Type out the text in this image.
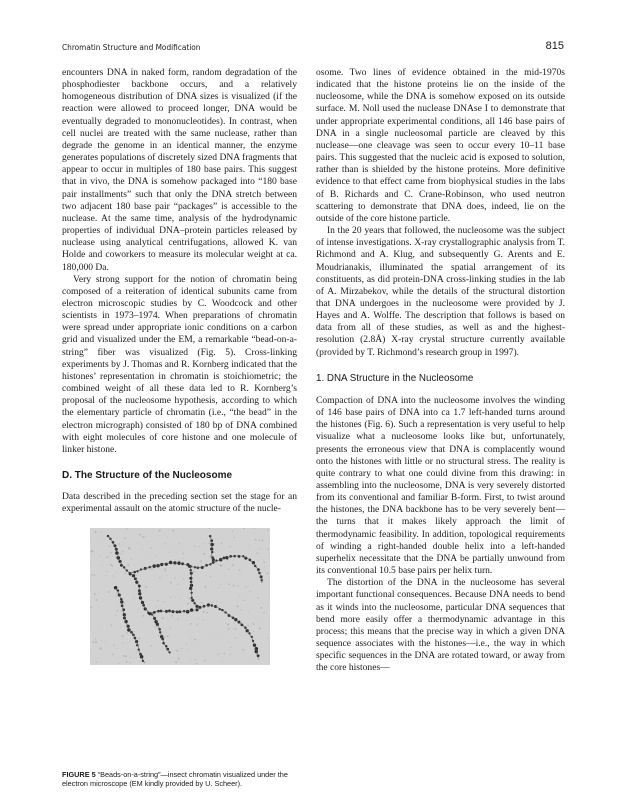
Chromatin Structure and Modification	815

encounters DNA in naked form, random degradation of the phosphodiester backbone occurs, and a relatively homogeneous distribution of DNA sizes is visualized (if the reaction were allowed to proceed longer, DNA would be eventually degraded to mononucleotides). In contrast, when cell nuclei are treated with the same nuclease, rather than degrade the genome in an identical manner, the enzyme generates populations of discretely sized DNA fragments that appear to occur in multiples of 180 base pairs. This suggest that in vivo, the DNA is somehow packaged into “180 base pair installments” such that only the DNA stretch between two adjacent 180 base pair “packages” is accessible to the nuclease. At the same time, analysis of the hydrodynamic properties of individual DNA–protein particles released by nuclease using analytical centrifugations, allowed K. van Holde and coworkers to measure its molecular weight at ca. 180,000 Da.

Very strong support for the notion of chromatin being composed of a reiteration of identical subunits came from electron microscopic studies by C. Woodcock and other scientists in 1973–1974. When preparations of chromatin were spread under appropriate ionic conditions on a carbon grid and visualized under the EM, a remarkable “bead-on-a-string” fiber was visualized (Fig. 5). Cross-linking experiments by J. Thomas and R. Kornberg indicated that the histones’ representation in chromatin is stoichiometric; the combined weight of all these data led to R. Kornberg’s proposal of the nucleosome hypothesis, according to which the elementary particle of chromatin (i.e., “the bead” in the electron micrograph) consisted of 180 bp of DNA combined with eight molecules of core histone and one molecule of linker histone.

D. The Structure of the Nucleosome

Data described in the preceding section set the stage for an experimental assault on the atomic structure of the nucle-

FIGURE 5 “Beads-on-a-string”—insect chromatin visualized under the electron microscope (EM kindly provided by U. Scheer).

osome. Two lines of evidence obtained in the mid-1970s indicated that the histone proteins lie on the inside of the nucleosome, while the DNA is somehow exposed on its outside surface. M. Noll used the nuclease DNAse I to demonstrate that under appropriate experimental conditions, all 146 base pairs of DNA in a single nucleosomal particle are cleaved by this nuclease—one cleavage was seen to occur every 10–11 base pairs. This suggested that the nucleic acid is exposed to solution, rather than is shielded by the histone proteins. More definitive evidence to that effect came from biophysical studies in the labs of B. Richards and C. Crane-Robinson, who used neutron scattering to demonstrate that DNA does, indeed, lie on the outside of the core histone particle.

In the 20 years that followed, the nucleosome was the subject of intense investigations. X-ray crystallographic analysis from T. Richmond and A. Klug, and subsequently G. Arents and E. Moudrianakis, illuminated the spatial arrangement of its constituents, as did protein-DNA cross-linking studies in the lab of A. Mirzabekov, while the details of the structural distortion that DNA undergoes in the nucleosome were provided by J. Hayes and A. Wolffe. The description that follows is based on data from all of these studies, as well as and the highest-resolution (2.8Å) X-ray crystal structure currently available (provided by T. Richmond’s research group in 1997).

1. DNA Structure in the Nucleosome

Compaction of DNA into the nucleosome involves the winding of 146 base pairs of DNA into ca 1.7 left-handed turns around the histones (Fig. 6). Such a representation is very useful to help visualize what a nucleosome looks like but, unfortunately, presents the erroneous view that DNA is complacently wound onto the histones with little or no structural stress. The reality is quite contrary to what one could divine from this drawing: in assembling into the nucleosome, DNA is very severely distorted from its conventional and familiar B-form. First, to twist around the histones, the DNA backbone has to be very severely bent—the turns that it makes likely approach the limit of thermodynamic feasibility. In addition, topological requirements of winding a right-handed double helix into a left-handed superhelix necessitate that the DNA be partially unwound from its conventional 10.5 base pairs per helix turn.

The distortion of the DNA in the nucleosome has several important functional consequences. Because DNA needs to bend as it winds into the nucleosome, particular DNA sequences that bend more easily offer a thermodynamic advantage in this process; this means that the precise way in which a given DNA sequence associates with the histones—i.e., the way in which specific sequences in the DNA are rotated toward, or away from the core histones—
